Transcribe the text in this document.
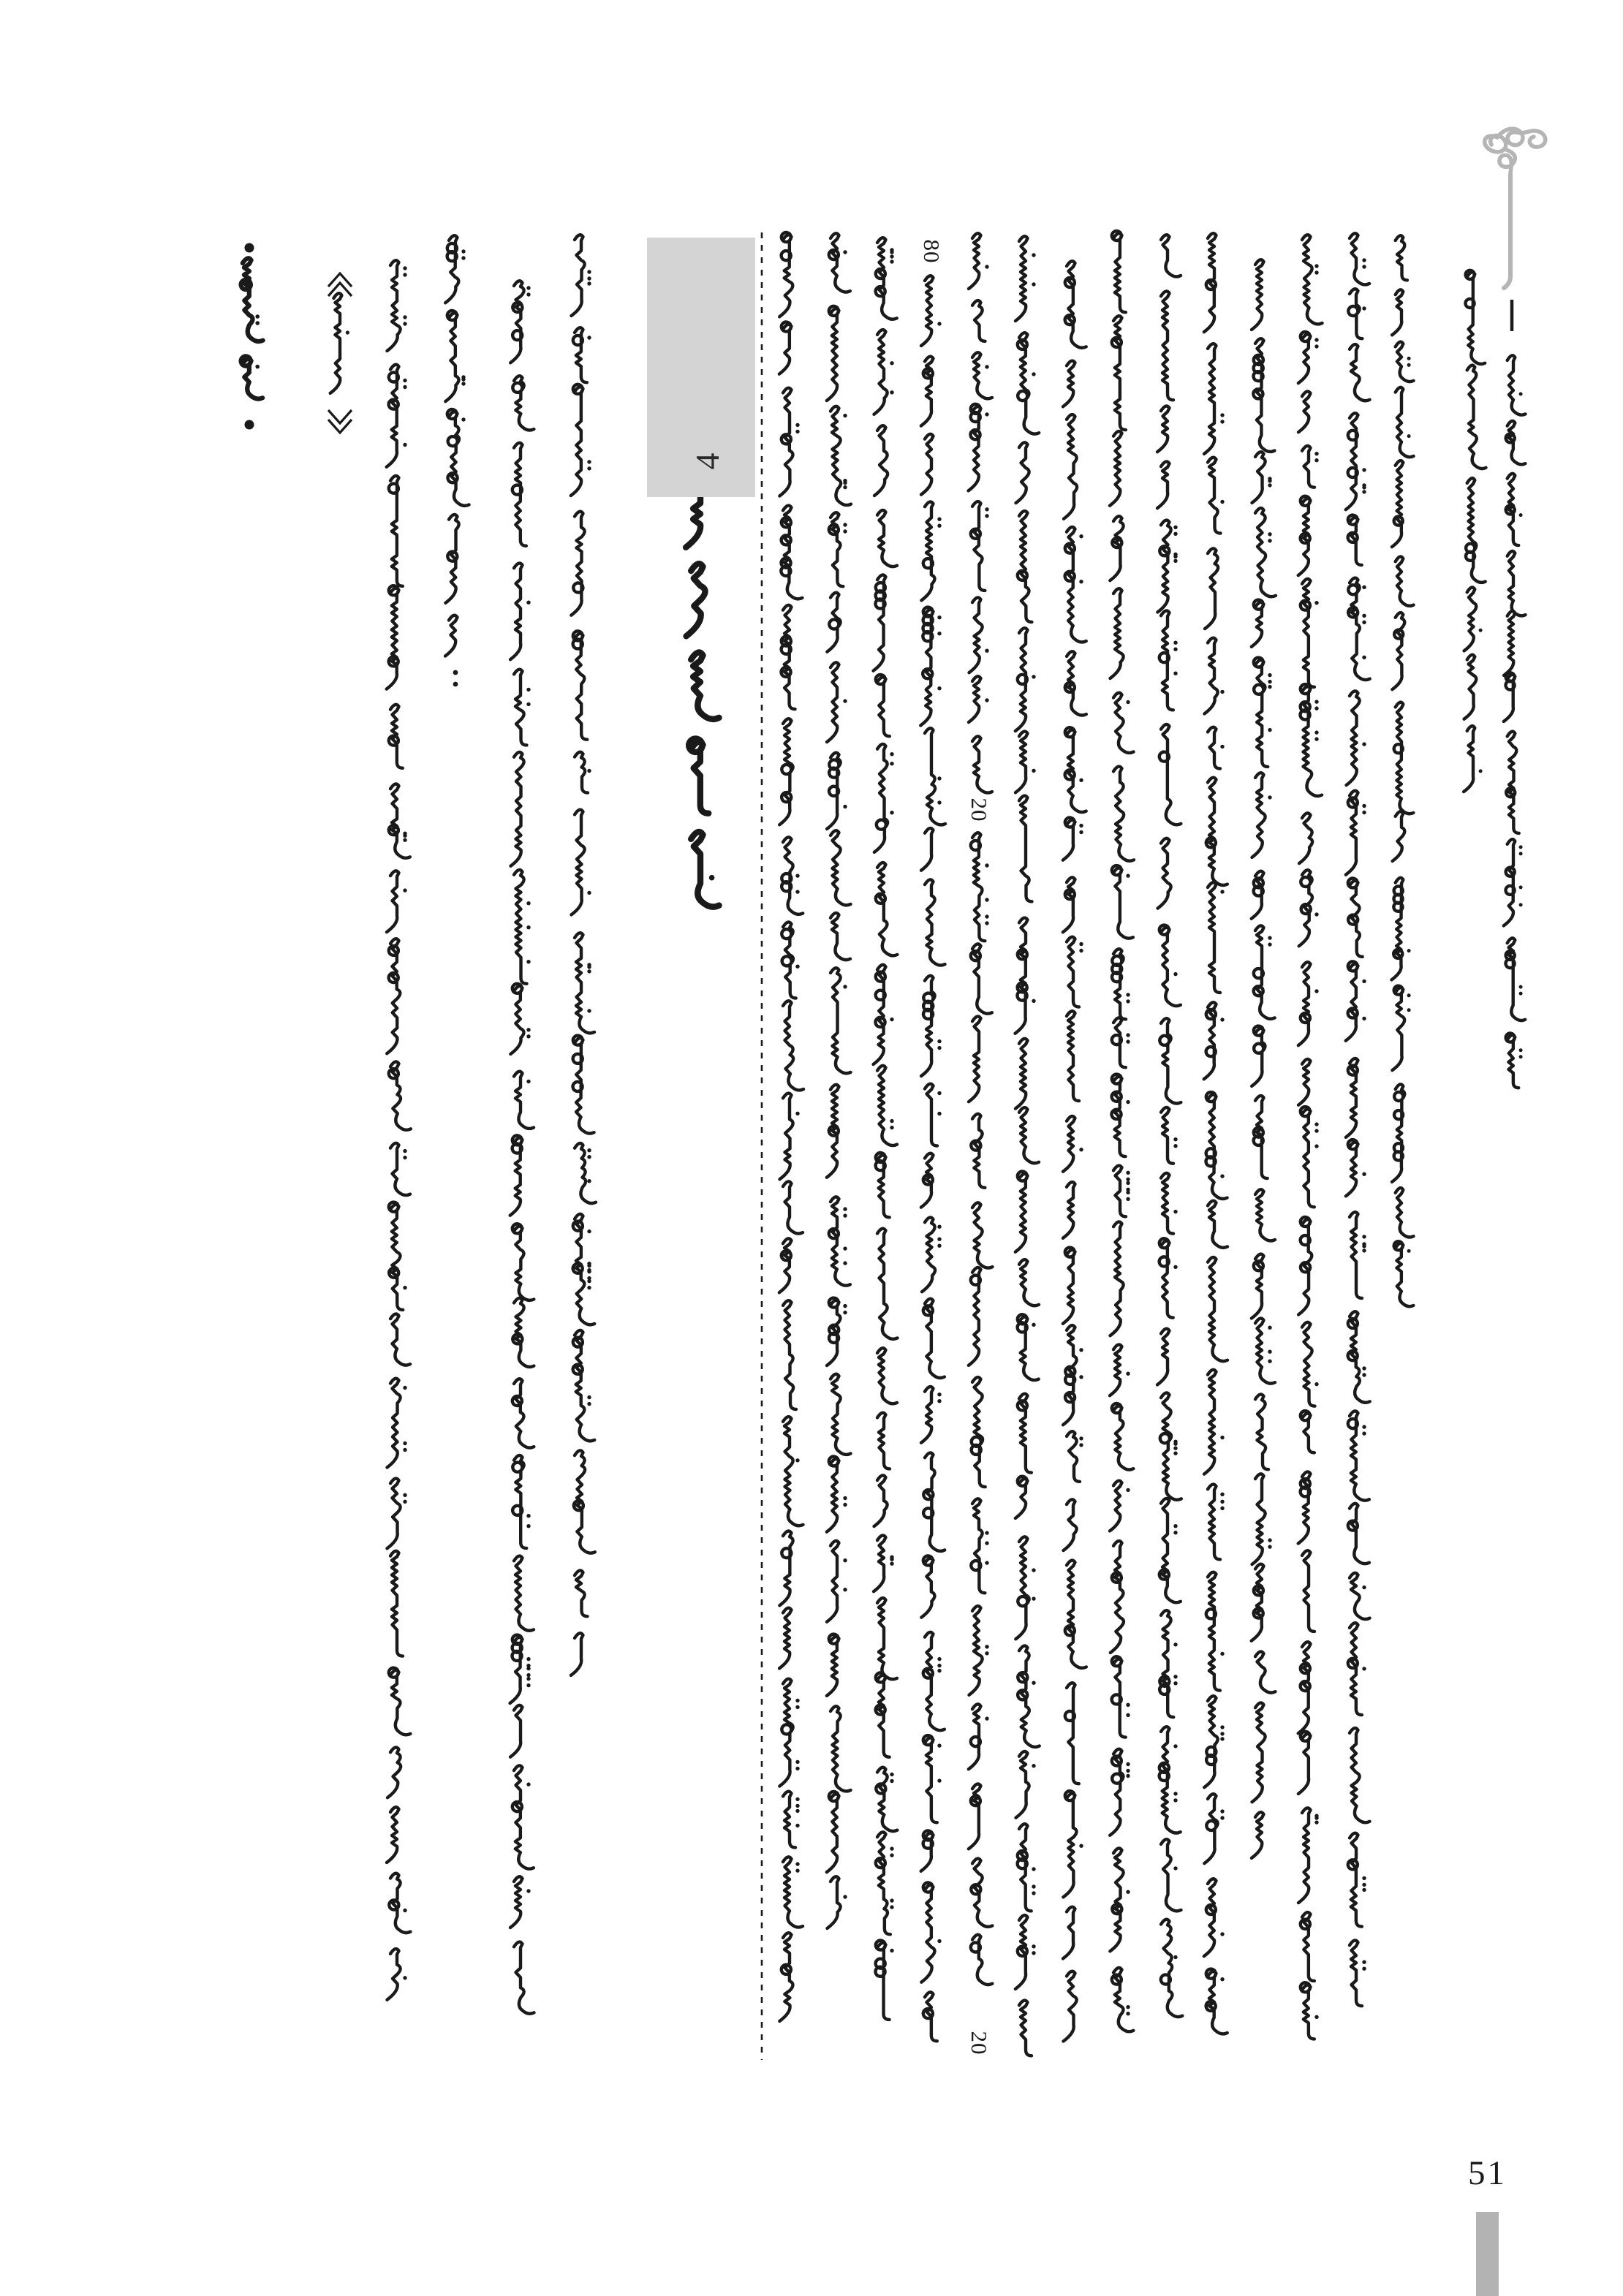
4
80
20
20
51
